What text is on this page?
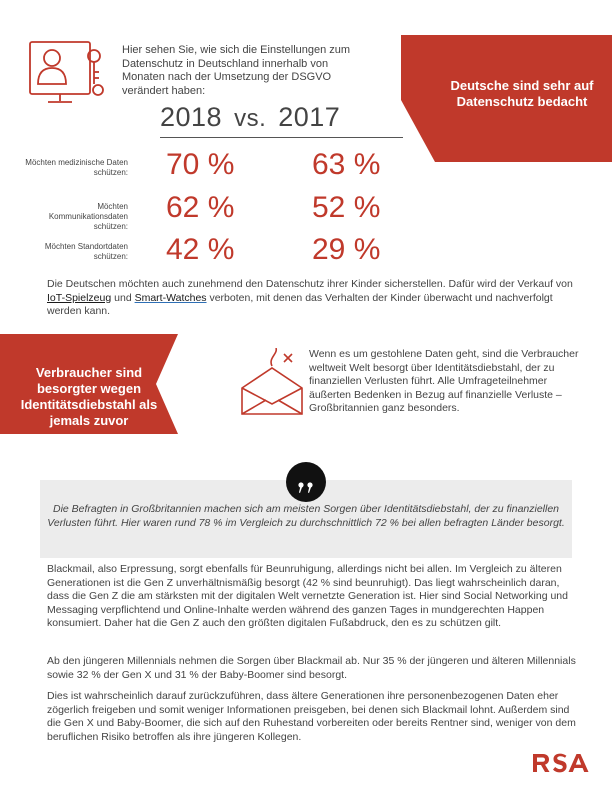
Hier sehen Sie, wie sich die Einstellungen zum Datenschutz in Deutschland innerhalb von Monaten nach der Umsetzung der DSGVO verändert haben:
2018 vs. 2017
Deutsche sind sehr auf Datenschutz bedacht
Möchten medizinische Daten schützen:
Möchten Kommunikationsdaten schützen:
Möchten Standortdaten schützen:
70 %
62 %
42 %
63 %
52 %
29 %
Die Deutschen möchten auch zunehmend den Datenschutz ihrer Kinder sicherstellen. Dafür wird der Verkauf von IoT-Spielzeug und Smart-Watches verboten, mit denen das Verhalten der Kinder überwacht und nachverfolgt werden kann.
Verbraucher sind besorgter wegen Identitätsdiebstahl als jemals zuvor
Wenn es um gestohlene Daten geht, sind die Verbraucher weltweit Welt besorgt über Identitätsdiebstahl, der zu finanziellen Verlusten führt. Alle Umfrageteilnehmer äußerten Bedenken in Bezug auf finanzielle Verluste – Großbritannien ganz besonders.
Die Befragten in Großbritannien machen sich am meisten Sorgen über Identitätsdiebstahl, der zu finanziellen Verlusten führt. Hier waren rund 78 % im Vergleich zu durchschnittlich 72 % bei allen befragten Länder besorgt.
Blackmail, also Erpressung, sorgt ebenfalls für Beunruhigung, allerdings nicht bei allen. Im Vergleich zu älteren Generationen ist die Gen Z unverhältnismäßig besorgt (42 % sind beunruhigt). Das liegt wahrscheinlich daran, dass die Gen Z die am stärksten mit der digitalen Welt vernetzte Generation ist. Hier sind Social Networking und Messaging verpflichtend und Online-Inhalte werden während des ganzen Tages in mundgerechten Happen konsumiert. Daher hat die Gen Z auch den größten digitalen Fußabdruck, den es zu schützen gilt.
Ab den jüngeren Millennials nehmen die Sorgen über Blackmail ab. Nur 35 % der jüngeren und älteren Millennials sowie 32 % der Gen X und 31 % der Baby-Boomer sind besorgt.
Dies ist wahrscheinlich darauf zurückzuführen, dass ältere Generationen ihre personenbezogenen Daten eher zögerlich freigeben und somit weniger Informationen preisgeben, bei denen sich Blackmail lohnt. Außerdem sind die Gen X und Baby-Boomer, die sich auf den Ruhestand vorbereiten oder bereits Rentner sind, weniger von dem beruflichen Risiko betroffen als ihre jüngeren Kollegen.
